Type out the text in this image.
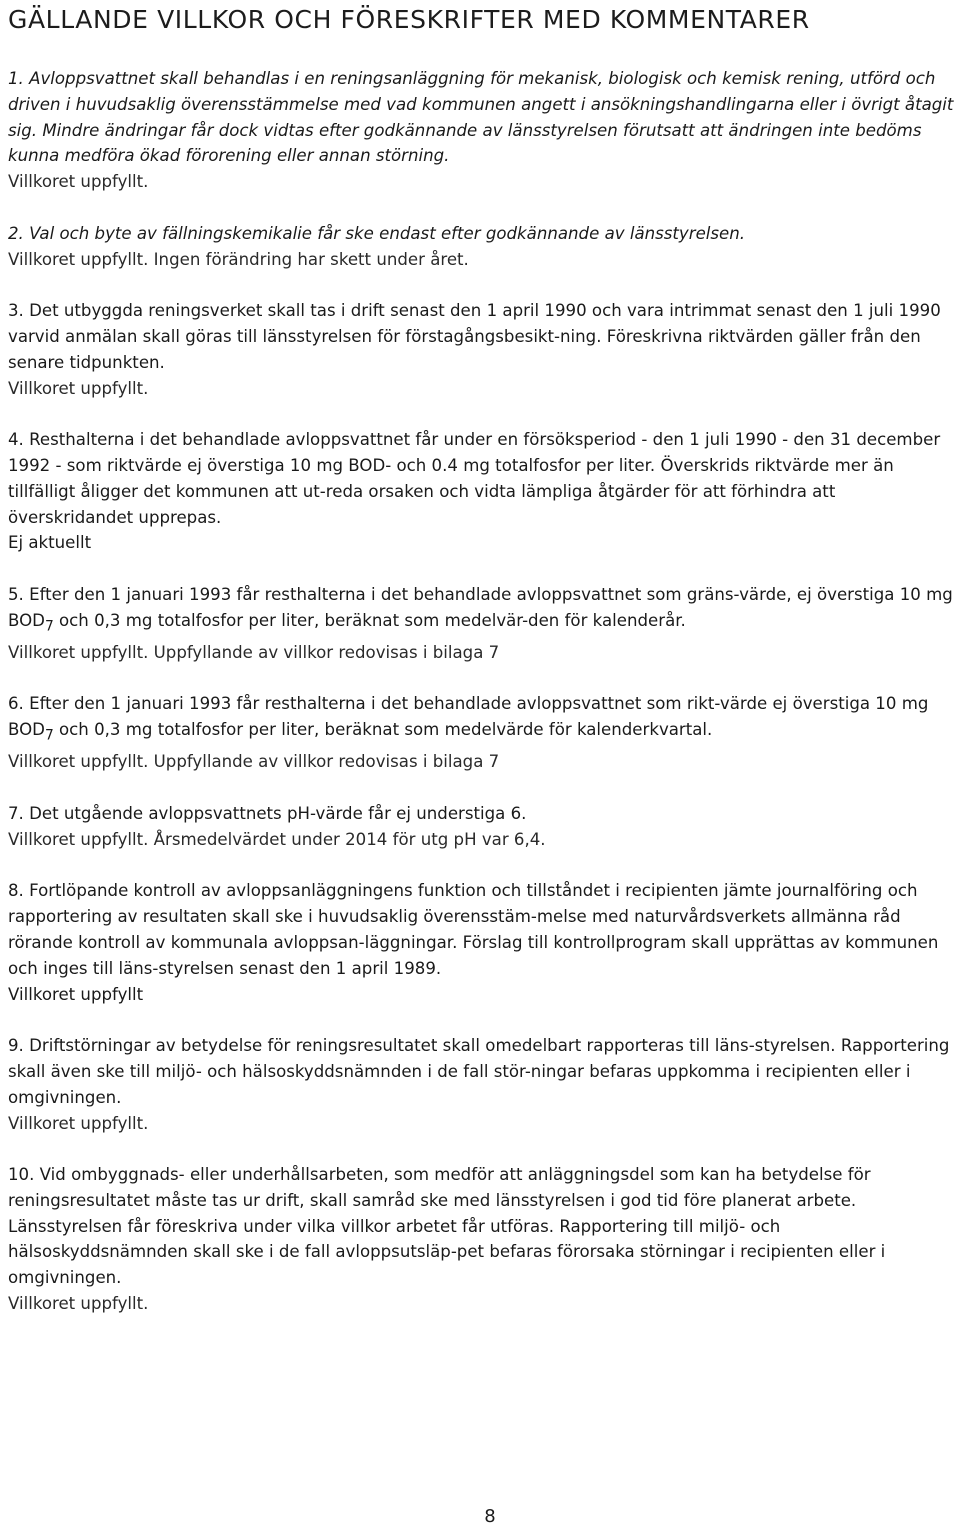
GÄLLANDE VILLKOR OCH FÖRESKRIFTER MED KOMMENTARER

1. Avloppsvattnet skall behandlas i en reningsanläggning för mekanisk, biologisk och kemisk rening, utförd och driven i huvudsaklig överensstämmelse med vad kommunen angett i ansökningshandlingarna eller i övrigt åtagit sig. Mindre ändringar får dock vidtas efter godkännande av länsstyrelsen förutsatt att ändringen inte bedöms kunna medföra ökad förorening eller annan störning.

Villkoret uppfyllt.

2. Val och byte av fällningskemikalie får ske endast efter godkännande av länsstyrelsen.

Villkoret uppfyllt. Ingen förändring har skett under året.

3. Det utbyggda reningsverket skall tas i drift senast den 1 april 1990 och vara intrimmat senast den 1 juli 1990 varvid anmälan skall göras till länsstyrelsen för förstagångsbesikt-ning. Föreskrivna riktvärden gäller från den senare tidpunkten.

Villkoret uppfyllt.

4. Resthalterna i det behandlade avloppsvattnet får under en försöksperiod - den 1 juli 1990 - den 31 december 1992 - som riktvärde ej överstiga 10 mg BOD- och 0.4 mg totalfosfor per liter. Överskrids riktvärde mer än tillfälligt åligger det kommunen att ut-reda orsaken och vidta lämpliga åtgärder för att förhindra att överskridandet upprepas.

Ej aktuellt

5. Efter den 1 januari 1993 får resthalterna i det behandlade avloppsvattnet som gräns-värde, ej överstiga 10 mg $BOD_7$ och 0,3 mg totalfosfor per liter, beräknat som medelvär-den för kalenderår.

Villkoret uppfyllt. Uppfyllande av villkor redovisas i bilaga 7

6. Efter den 1 januari 1993 får resthalterna i det behandlade avloppsvattnet som rikt-värde ej överstiga 10 mg $BOD_7$ och 0,3 mg totalfosfor per liter, beräknat som medelvärde för kalenderkvartal.

Villkoret uppfyllt. Uppfyllande av villkor redovisas i bilaga 7

7. Det utgående avloppsvattnets pH-värde får ej understiga 6.

Villkoret uppfyllt. Årsmedelvärdet under 2014 för utg pH var 6,4.

8. Fortlöpande kontroll av avloppsanläggningens funktion och tillståndet i recipienten jämte journalföring och rapportering av resultaten skall ske i huvudsaklig överensstäm-melse med naturvårdsverkets allmänna råd rörande kontroll av kommunala avloppsan-läggningar. Förslag till kontrollprogram skall upprättas av kommunen och inges till läns-styrelsen senast den 1 april 1989.

Villkoret uppfyllt

9. Driftstörningar av betydelse för reningsresultatet skall omedelbart rapporteras till läns-styrelsen. Rapportering skall även ske till miljö- och hälsoskyddsnämnden i de fall stör-ningar befaras uppkomma i recipienten eller i omgivningen.

Villkoret uppfyllt.

10. Vid ombyggnads- eller underhållsarbeten, som medför att anläggningsdel som kan ha betydelse för reningsresultatet måste tas ur drift, skall samråd ske med länsstyrelsen i god tid före planerat arbete. Länsstyrelsen får föreskriva under vilka villkor arbetet får utföras. Rapportering till miljö- och hälsoskyddsnämnden skall ske i de fall avloppsutsläp-pet befaras förorsaka störningar i recipienten eller i omgivningen.

Villkoret uppfyllt.

8
